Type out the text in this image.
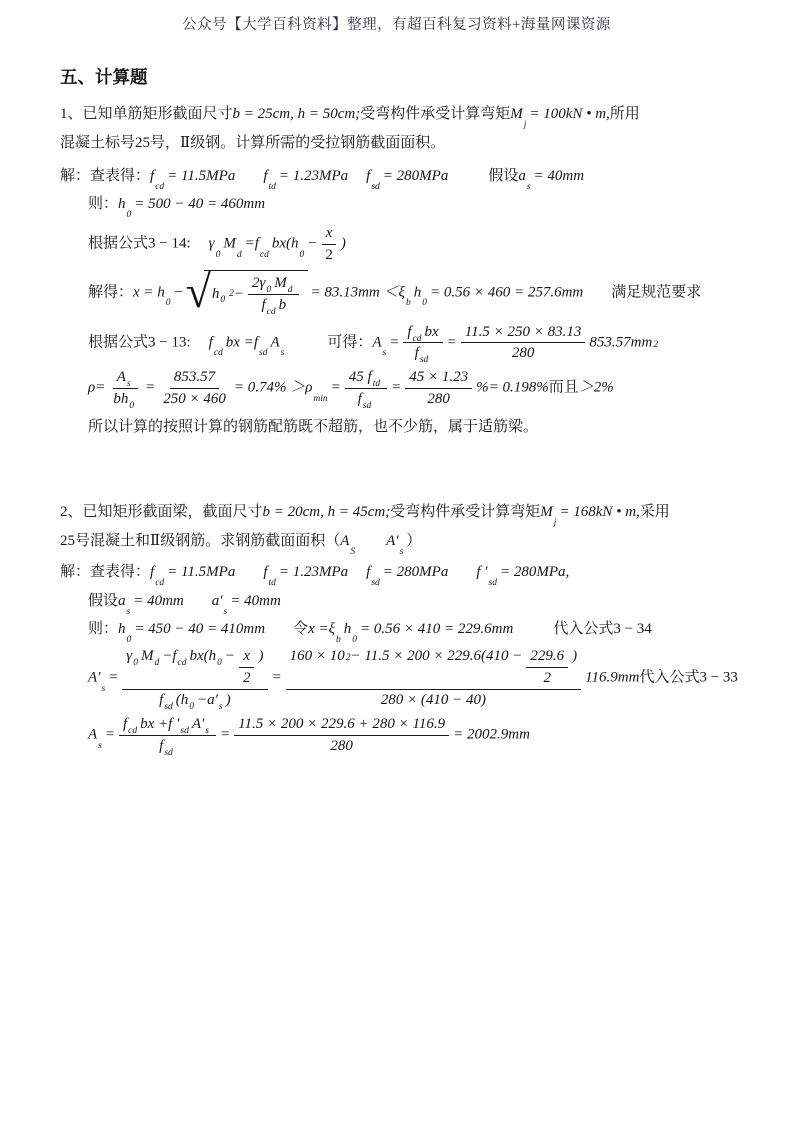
公众号【大学百科资料】整理，有超百科复习资料+海量网课资源
五、计算题
1、已知单筋矩形截面尺寸b = 25cm, h = 50cm;受弯构件承受计算弯矩$M_j= 100kN$ • m,所用
混凝土标号25号，Ⅱ级钢。计算所需的受拉钢筋截面面积。
解：查表得：$f_{cd}= 11.5MPa$ $f_{td}= 1.23MPa$ $f_{sd}= 280MPa$	假设$a_s= 40mm$
则：$h_0= 500 - 40 = 460mm$
根据公式3 − 14: $\gamma_0M_d=f_{cd}bx(h_0- \frac{x}{2}$ )
解得：$x = h_0-$ √ $h_0$
$2 - \frac{2\gamma_0 M_d}{f_{cd} b} = 83.13mm <\xi_bh_0= 0.56 \times 460 = 257.6mm$ 满足规范要求
根据公式3 − 13: $f_{cd}bx =f_{sd}A_s$可得：$A_s= \frac{f_{cd} bx}{f_{sd}} = \frac{11.5 \times 250 \times 83.13}{280} 853.57mm2$
$\rho= \frac{A_s}{bh_0} = \frac{853.57}{250 \times 460} = 0.74\% >\rho_{min}= \frac{45 f_{td}}{f_{sd}} = \frac{45 \times 1.23}{280}$ %= 0.198%而且＞2%
所以计算的按照计算的钢筋配筋既不超筋，也不少筋，属于适筋梁。
2、已知矩形截面梁，截面尺寸b = 20cm, h = 45cm;受弯构件承受计算弯矩$M_j= 168kN$ • m,采用
25号混凝土和Ⅱ级钢筋。求钢筋截面面积$(A_SA'_s)$
解：查表得：$f_{cd}= 11.5MPa$ $f_{td}= 1.23MPa$ $f_{sd}= 280MPa$ f $'_{sd}= 280MPa$,
假设$a_s= 40mm$ $a'_s= 40mm$
则：$h_0= 450 - 40 = 410mm$ 令$x =\xi_bh_0= 0.56 \times 410 = 229.6mm$	代入公式3 − 34
$A'_s= \frac{\gamma_0 M_d - f_{cd} bx( h_0 - \frac{x}{2} )}{f_{sd} ( h_0 - a'_s )} = \frac{160 \times 10 2 - 11.5 \times 200 \times 229.6(410 - \frac{229.6}{2} )}{280 \times (410 - 40)} 116.9mm$代入公式3 − 33
$A_s= \frac{f_{cd} bx + f '_{sd} A'_s}{f_{sd}} = \frac{11.5 \times 200 \times 229.6 + 280 \times 116.9}{280} = 2002.9mm$
